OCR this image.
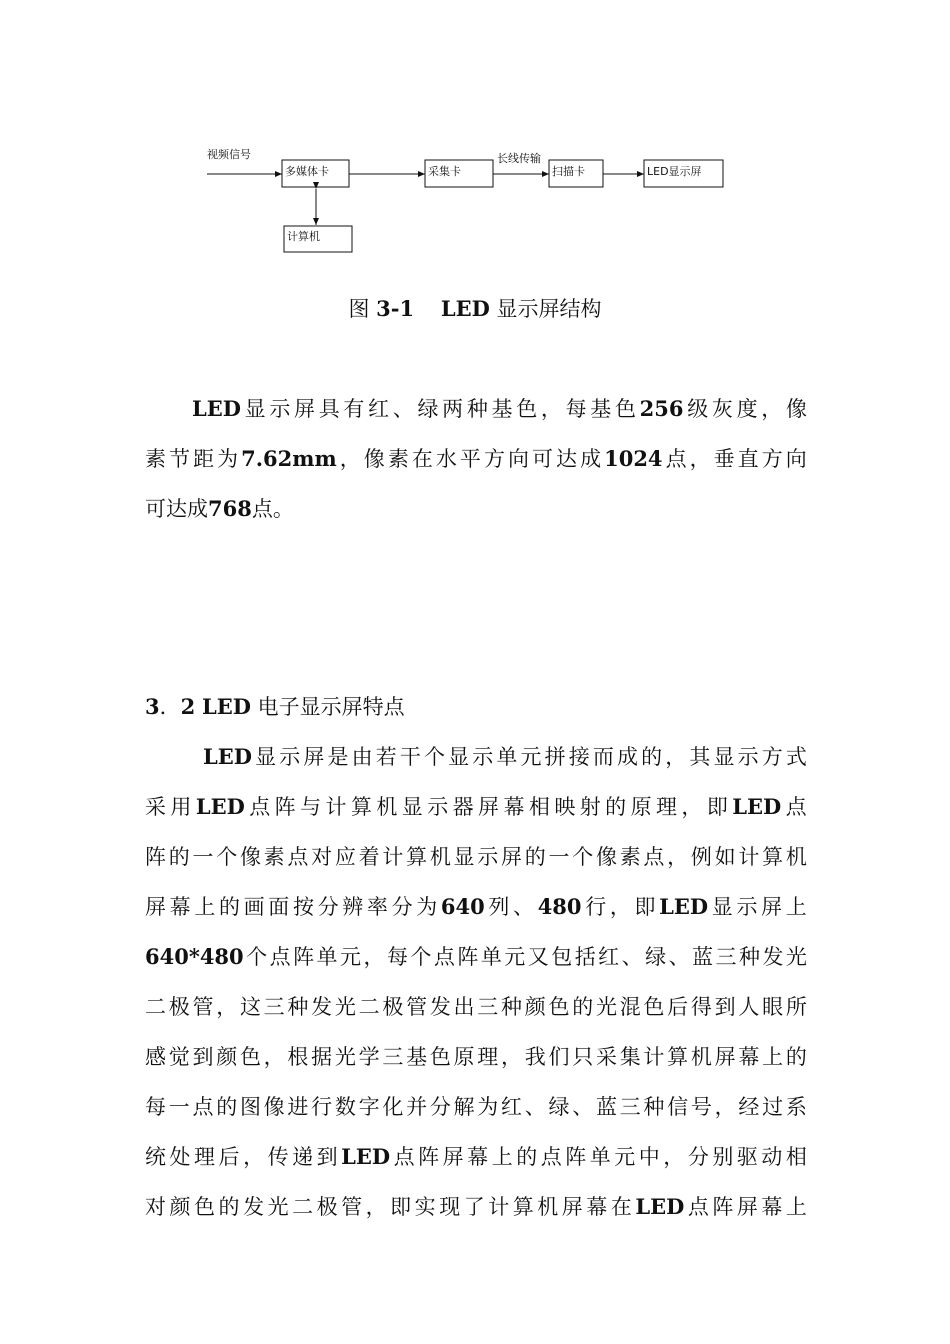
视频信号
多媒体卡	采集卡
长线传输
扫描卡	LED显示屏
计算机
图 3-1 LED 显示屏结构
LED 显 示 屏 具 有 红 、 绿 两 种 基 色 ， 每 基 色 256 级 灰 度 ， 像
素 节 距 为 7.62mm ， 像 素 在 水 平 方 向 可 达 成 1024 点 ， 垂 直 方 向
可达成 768 点。
3．2 LED 电子显示屏特点
LED 显 示 屏 是 由 若 干 个 显 示 单 元 拼 接 而 成 的 ， 其 显 示 方 式
采 用 LED 点 阵 与 计 算 机 显 示 器 屏 幕 相 映 射 的 原 理 ， 即 LED 点
阵 的 一 个 像 素 点 对 应 着 计 算 机 显 示 屏 的 一 个 像 素 点 ， 例 如 计 算 机
屏 幕 上 的 画 面 按 分 辨 率 分 为 640 列 、 480 行 ， 即 LED 显 示 屏 上
640*480 个 点 阵 单 元 ， 每 个 点 阵 单 元 又 包 括 红 、 绿 、 蓝 三 种 发 光
二 极 管 ， 这 三 种 发 光 二 极 管 发 出 三 种 颜 色 的 光 混 色 后 得 到 人 眼 所
感 觉 到 颜 色 ， 根 据 光 学 三 基 色 原 理 ， 我 们 只 采 集 计 算 机 屏 幕 上 的
每 一 点 的 图 像 进 行 数 字 化 并 分 解 为 红 、 绿 、 蓝 三 种 信 号 ， 经 过 系
统 处 理 后 ， 传 递 到 LED 点 阵 屏 幕 上 的 点 阵 单 元 中 ， 分 别 驱 动 相
对 颜 色 的 发 光 二 极 管 ， 即 实 现 了 计 算 机 屏 幕 在 LED 点 阵 屏 幕 上
